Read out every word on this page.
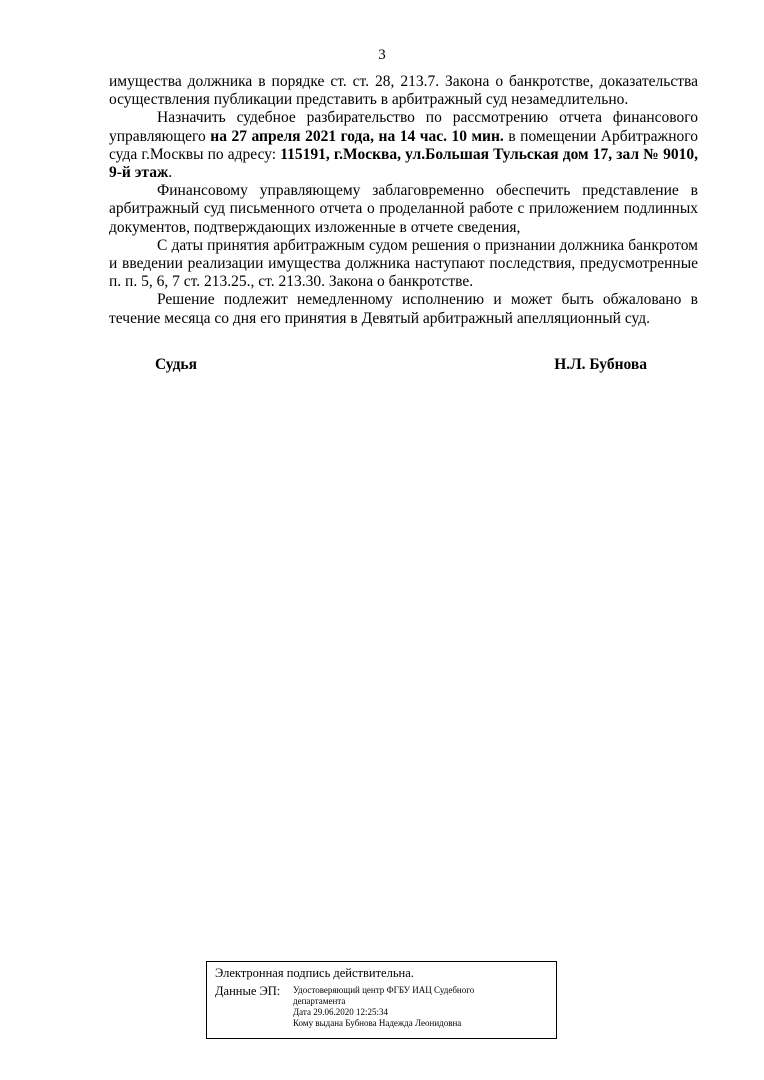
3

имущества должника в порядке ст. ст. 28, 213.7. Закона о банкротстве, доказательства осуществления публикации представить в арбитражный суд незамедлительно.

Назначить судебное разбирательство по рассмотрению отчета финансового управляющего на 27 апреля 2021 года, на 14 час. 10 мин. в помещении Арбитражного суда г.Москвы по адресу: 115191, г.Москва, ул.Большая Тульская дом 17, зал № 9010, 9-й этаж.

Финансовому управляющему заблаговременно обеспечить представление в арбитражный суд письменного отчета о проделанной работе с приложением подлинных документов, подтверждающих изложенные в отчете сведения,

С даты принятия арбитражным судом решения о признании должника банкротом и введении реализации имущества должника наступают последствия, предусмотренные п. п. 5, 6, 7 ст. 213.25., ст. 213.30. Закона о банкротстве.

Решение подлежит немедленному исполнению и может быть обжаловано в течение месяца со дня его принятия в Девятый арбитражный апелляционный суд.

Судья	Н.Л. Бубнова
Электронная подпись действительна.
Данные ЭП:	Удостоверяющий центр ФГБУ ИАЦ Судебного
департамента
Дата 29.06.2020 12:25:34
Кому выдана Бубнова Надежда Леонидовна
